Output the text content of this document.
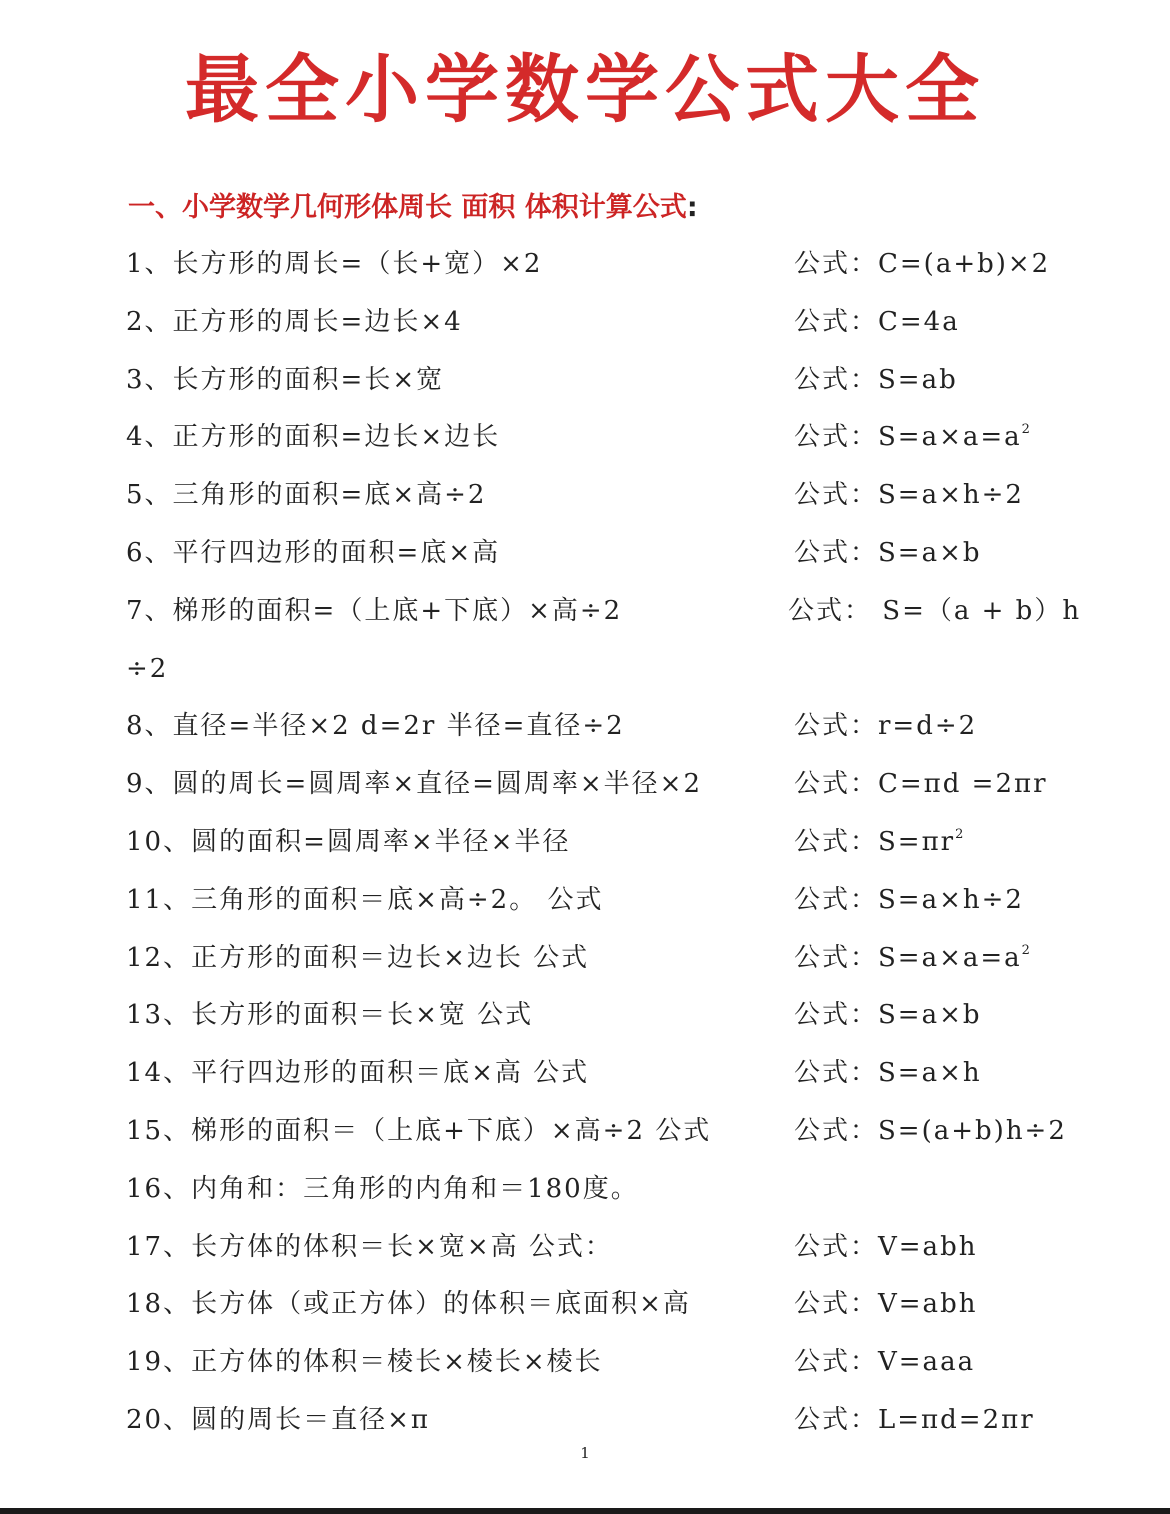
最全小学数学公式大全
一、小学数学几何形体周长 面积 体积计算公式:
1、长方形的周长=（长+宽）×2	公式：C=(a+b)×2
2、正方形的周长=边长×4	公式：C=4a
3、长方形的面积=长×宽	公式：S=ab
4、正方形的面积=边长×边长	公式：$S=a\times a=a^2$
5、三角形的面积=底×高÷2	公式：S=a×h÷2
6、平行四边形的面积=底×高	公式：S=a×b
7、梯形的面积=（上底+下底）×高÷2	公式： S=（a + b）h
÷2
8、直径=半径×2 d=2r 半径=直径÷2	公式：r=d÷2
9、圆的周长=圆周率×直径=圆周率×半径×2	公式：C=πd =2πr
10、圆的面积=圆周率×半径×半径	公式：$S=\pi r^2$
11、三角形的面积＝底×高÷2。 公式	公式：S=a×h÷2
12、正方形的面积＝边长×边长 公式	公式：$S=a\times a=a^2$
13、长方形的面积＝长×宽 公式	公式：S=a×b
14、平行四边形的面积＝底×高 公式	公式：S=a×h
15、梯形的面积＝（上底+下底）×高÷2 公式	公式：S=(a+b)h÷2
16、内角和：三角形的内角和＝180度。
17、长方体的体积＝长×宽×高 公式：	公式：V=abh
18、长方体（或正方体）的体积＝底面积×高	公式：V=abh
19、正方体的体积＝棱长×棱长×棱长	公式：V=aaa
20、圆的周长＝直径×π	公式：L=πd=2πr
1
